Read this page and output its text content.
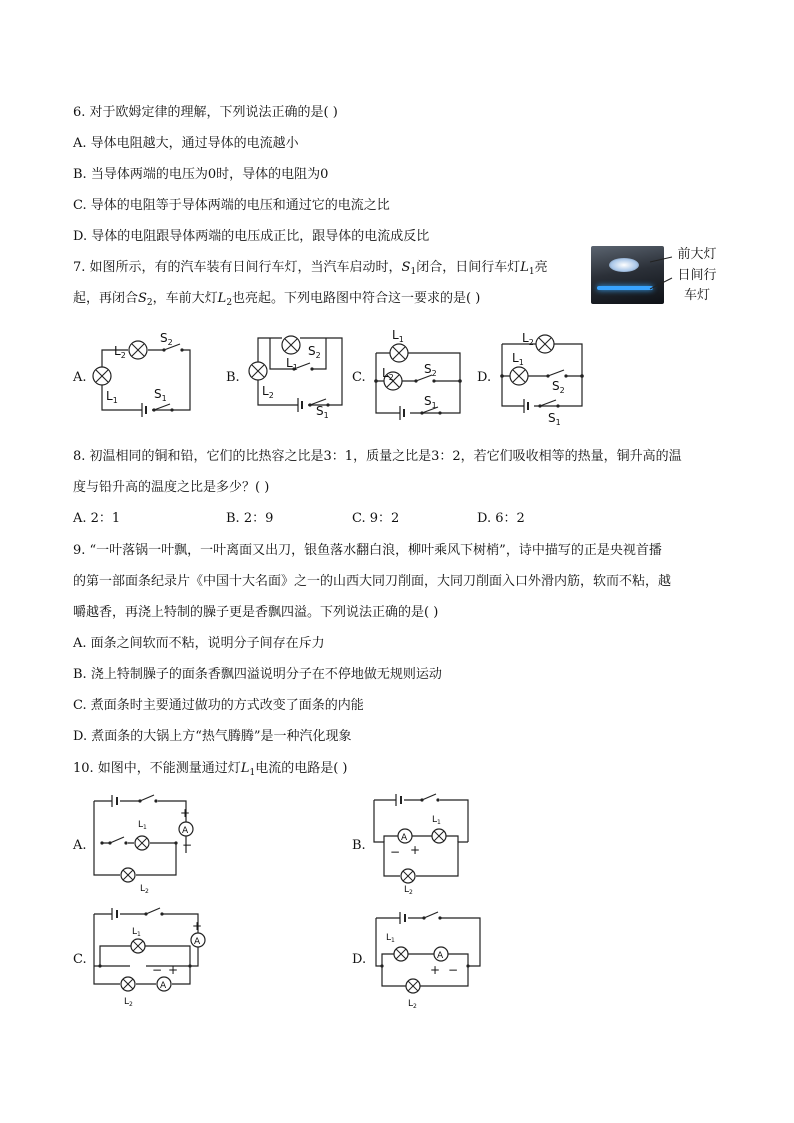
6. 对于欧姆定律的理解，下列说法正确的是( )
A. 导体电阻越大，通过导体的电流越小
B. 当导体两端的电压为0时，导体的电阻为0
C. 导体的电阻等于导体两端的电压和通过它的电流之比
D. 导体的电阻跟导体两端的电压成正比，跟导体的电流成反比
7. 如图所示，有的汽车装有日间行车灯，当汽车启动时，$S_1$闭合，日间行车灯$L_1$亮
起，再闭合$S_2$，车前大灯$L_2$也亮起。下列电路图中符合这一要求的是( )
前大灯
日间行
车灯
A.
$L_2$
$S_2$
$L_1$	$S_1$
B.
$S_2$
$L_1$
$L_2$
$S_1$
C.
$L_1$
$L_2$
$S_2$
$S_1$
D.
$L_2$
$L_1$
$S_2$
$S_1$
8. 初温相同的铜和铅，它们的比热容之比是3：1，质量之比是3：2，若它们吸收相等的热量，铜升高的温
度与铅升高的温度之比是多少？( )
A. 2：1	B. 2：9	C. 9：2	D. 6：2
9. “一叶落锅一叶飘，一叶离面又出刀，银鱼落水翻白浪，柳叶乘风下树梢”，诗中描写的正是央视首播
的第一部面条纪录片《中国十大名面》之一的山西大同刀削面，大同刀削面入口外滑内筋，软而不粘，越
嚼越香，再浇上特制的臊子更是香飘四溢。下列说法正确的是( )
A. 面条之间软而不粘，说明分子间存在斥力
B. 浇上特制臊子的面条香飘四溢说明分子在不停地做无规则运动
C. 煮面条时主要通过做功的方式改变了面条的内能
D. 煮面条的大锅上方“热气腾腾”是一种汽化现象
10. 如图中，不能测量通过灯$L_1$电流的电路是( )
A.
A
+
−
$L_1$
$L_2$
B.	A
− +
$L_1$
$L_2$
C.
A
A
+
− +
$L_1$
$L_2$
D.	A
+ −
$L_1$
$L_2$
